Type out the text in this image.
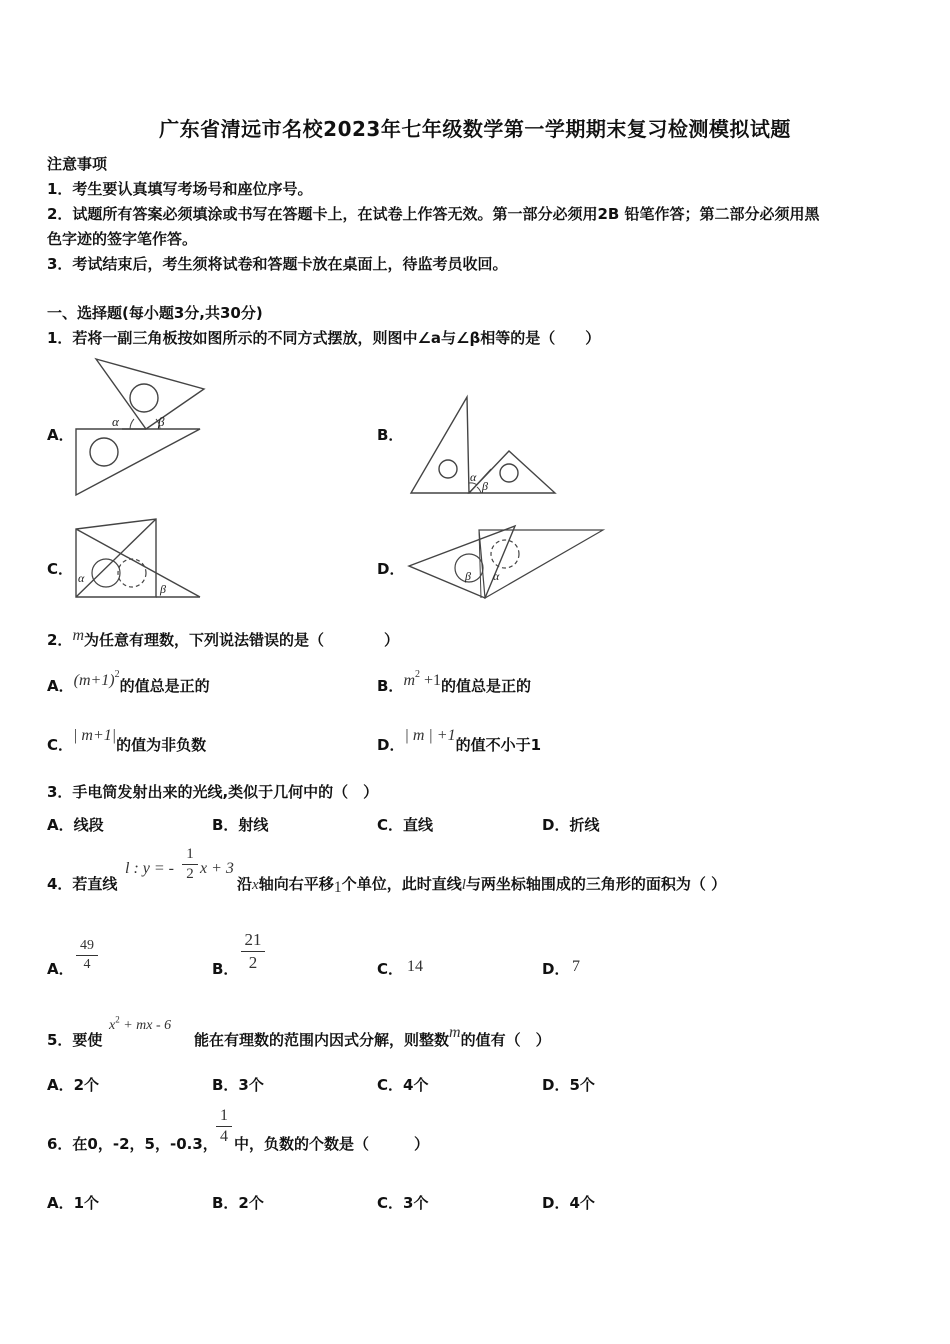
广东省清远市名校2023年七年级数学第一学期期末复习检测模拟试题
注意事项
1．考生要认真填写考场号和座位序号。
2．试题所有答案必须填涂或书写在答题卡上，在试卷上作答无效。第一部分必须用2B 铅笔作答；第二部分必须用黑
色字迹的签字笔作答。
3．考试结束后，考生须将试卷和答题卡放在桌面上，待监考员收回。
一、选择题(每小题3分,共30分)
1．若将一副三角板按如图所示的不同方式摆放，则图中∠a与∠β相等的是（　　）
A．
α	β
B．
α
β
C． α
β
D．	β α
2．m为任意有理数，下列说法错误的是（　　　　）
A．$(m+1)^2$的值总是正的	B．$m^2 +1$的值总是正的
C．| m+1|的值为非负数	D．| m | +1的值不小于1
3．手电筒发射出来的光线,类似于几何中的（　）
A．线段	B．射线	C．直线	D．折线
4．若直线
l : y = -
1
2 x + 3
沿x轴向右平移1个单位，此时直线l与两坐标轴围成的三角形的面积为（ ）
A．
49
4	B．
21
2	C． 14	D． 7
5．要使
$x^2$ + mx - 6
能在有理数的范围内因式分解，则整数m的值有（　）
A．2个	B．3个	C．4个	D．5个
6．在0，-2，5，-0.3，
1
4 中，负数的个数是（　　　）
A．1个	B．2个	C．3个	D．4个
